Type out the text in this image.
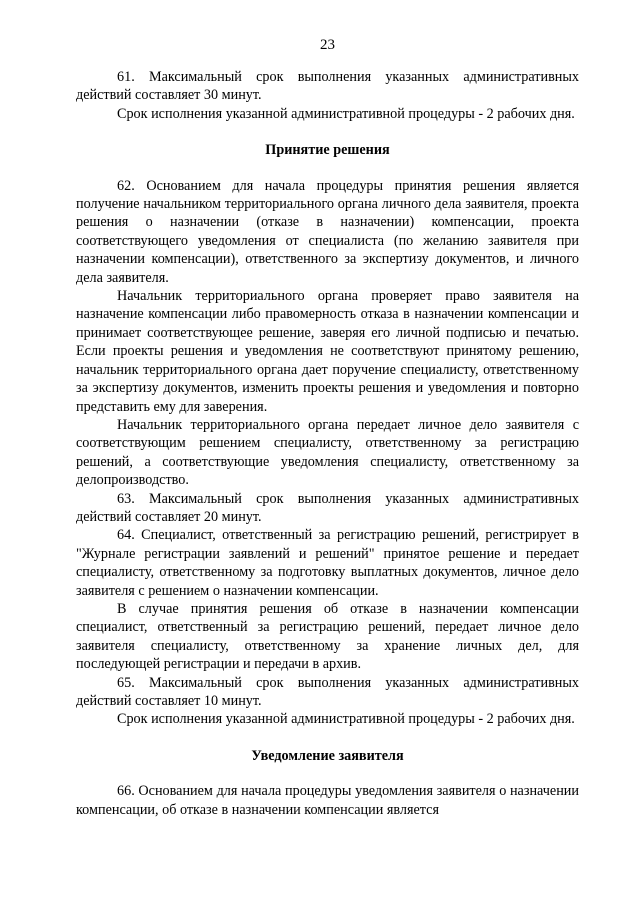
23

61. Максимальный срок выполнения указанных административных действий составляет 30 минут.

Срок исполнения указанной административной процедуры - 2 рабочих дня.

Принятие решения

62. Основанием для начала процедуры принятия решения является получение начальником территориального органа личного дела заявителя, проекта решения о назначении (отказе в назначении) компенсации, проекта соответствующего уведомления от специалиста (по желанию заявителя при назначении компенсации), ответственного за экспертизу документов, и личного дела заявителя.

Начальник территориального органа проверяет право заявителя на назначение компенсации либо правомерность отказа в назначении компенсации и принимает соответствующее решение, заверяя его личной подписью и печатью. Если проекты решения и уведомления не соответствуют принятому решению, начальник территориального органа дает поручение специалисту, ответственному за экспертизу документов, изменить проекты решения и уведомления и повторно представить ему для заверения.

Начальник территориального органа передает личное дело заявителя с соответствующим решением специалисту, ответственному за регистрацию решений, а соответствующие уведомления специалисту, ответственному за делопроизводство.

63. Максимальный срок выполнения указанных административных действий составляет 20 минут.

64. Специалист, ответственный за регистрацию решений, регистрирует в "Журнале регистрации заявлений и решений" принятое решение и передает специалисту, ответственному за подготовку выплатных документов, личное дело заявителя с решением о назначении компенсации.

В случае принятия решения об отказе в назначении компенсации специалист, ответственный за регистрацию решений, передает личное дело заявителя специалисту, ответственному за хранение личных дел, для последующей регистрации и передачи в архив.

65. Максимальный срок выполнения указанных административных действий составляет 10 минут.

Срок исполнения указанной административной процедуры - 2 рабочих дня.

Уведомление заявителя

66. Основанием для начала процедуры уведомления заявителя о назначении компенсации, об отказе в назначении компенсации является
